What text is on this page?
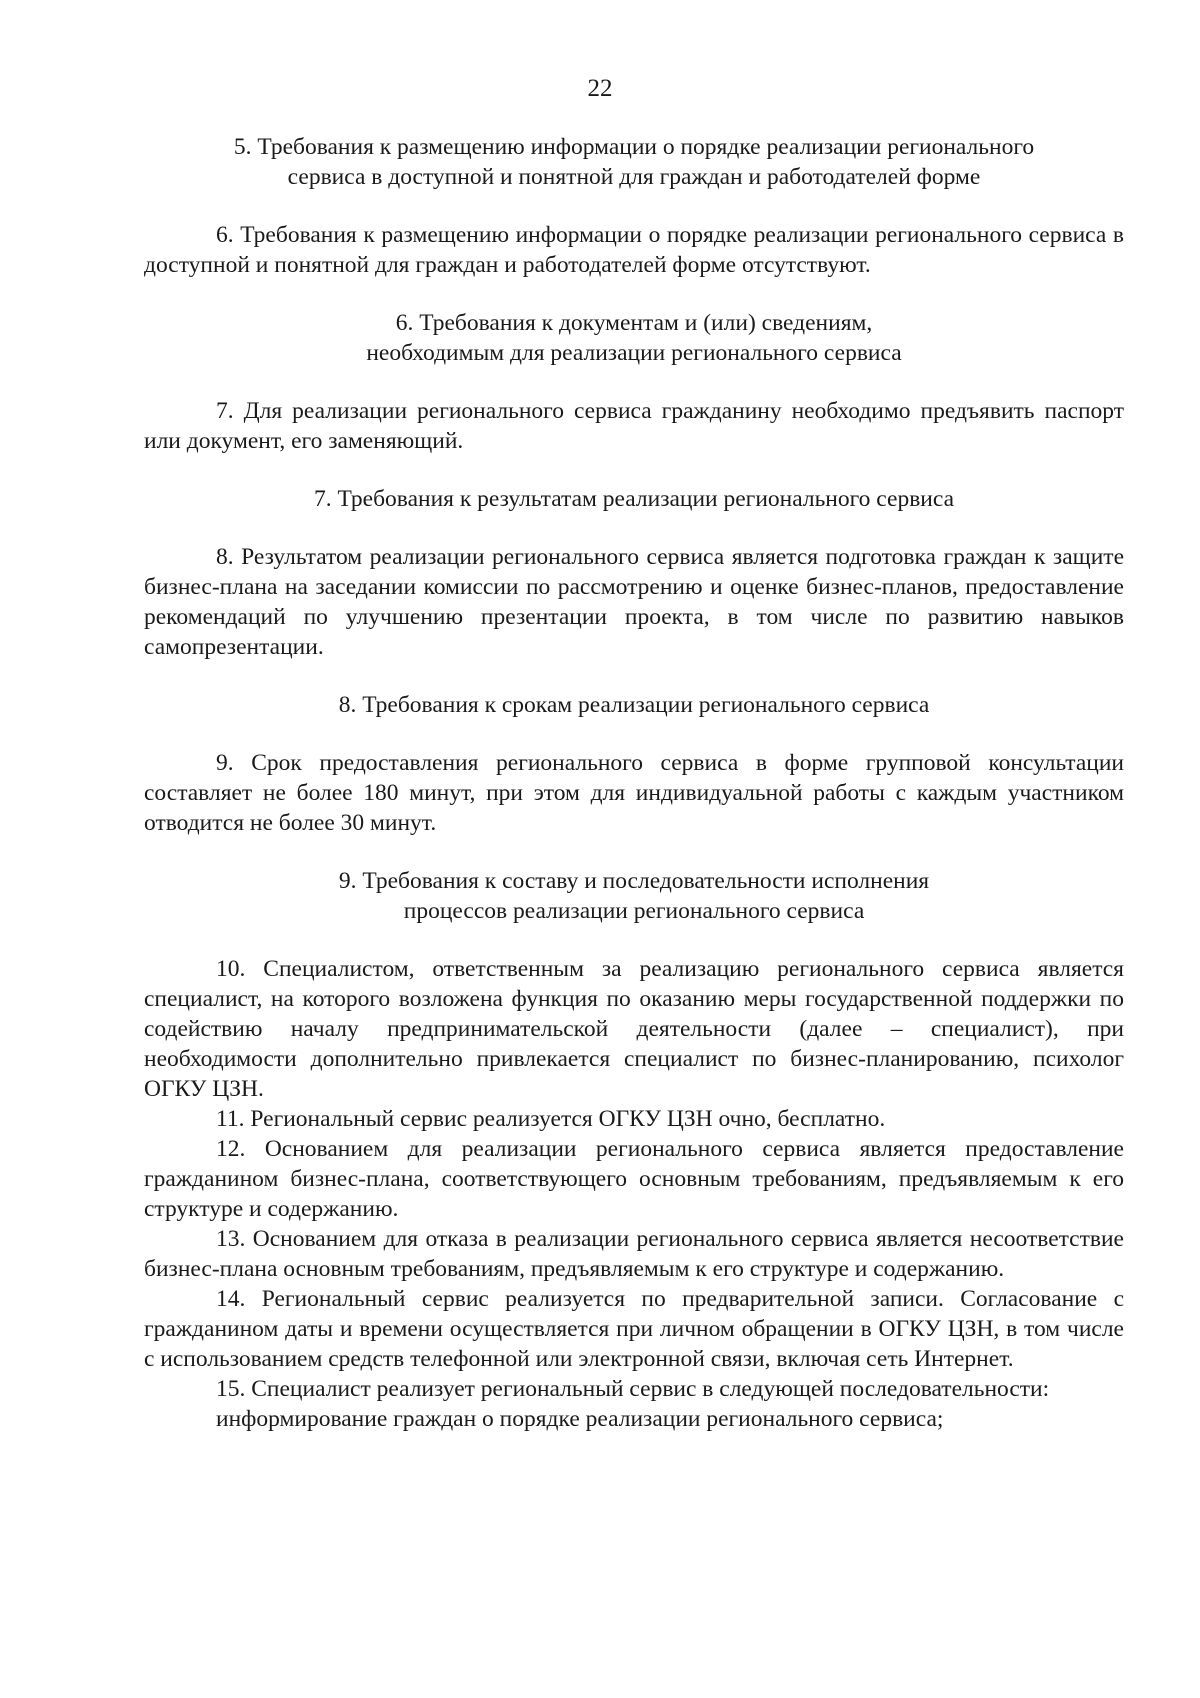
22
5. Требования к размещению информации о порядке реализации регионального
сервиса в доступной и понятной для граждан и работодателей форме

6. Требования к размещению информации о порядке реализации регионального сервиса в доступной и понятной для граждан и работодателей форме отсутствуют.

6. Требования к документам и (или) сведениям,
необходимым для реализации регионального сервиса

7. Для реализации регионального сервиса гражданину необходимо предъявить паспорт или документ, его заменяющий.

7. Требования к результатам реализации регионального сервиса

8. Результатом реализации регионального сервиса является подготовка граждан к защите бизнес-плана на заседании комиссии по рассмотрению и оценке бизнес-планов, предоставление рекомендаций по улучшению презентации проекта, в том числе по развитию навыков самопрезентации.

8. Требования к срокам реализации регионального сервиса

9. Срок предоставления регионального сервиса в форме групповой консультации составляет не более 180 минут, при этом для индивидуальной работы с каждым участником отводится не более 30 минут.

9. Требования к составу и последовательности исполнения
процессов реализации регионального сервиса

10. Специалистом, ответственным за реализацию регионального сервиса является специалист, на которого возложена функция по оказанию меры государственной поддержки по содействию началу предпринимательской деятельности (далее – специалист), при необходимости дополнительно привлекается специалист по бизнес-планированию, психолог ОГКУ ЦЗН.

11. Региональный сервис реализуется ОГКУ ЦЗН очно, бесплатно.

12. Основанием для реализации регионального сервиса является предоставление гражданином бизнес-плана, соответствующего основным требованиям, предъявляемым к его структуре и содержанию.

13. Основанием для отказа в реализации регионального сервиса является несоответствие бизнес-плана основным требованиям, предъявляемым к его структуре и содержанию.

14. Региональный сервис реализуется по предварительной записи. Согласование с гражданином даты и времени осуществляется при личном обращении в ОГКУ ЦЗН, в том числе с использованием средств телефонной или электронной связи, включая сеть Интернет.

15. Специалист реализует региональный сервис в следующей последовательности:

информирование граждан о порядке реализации регионального сервиса;
